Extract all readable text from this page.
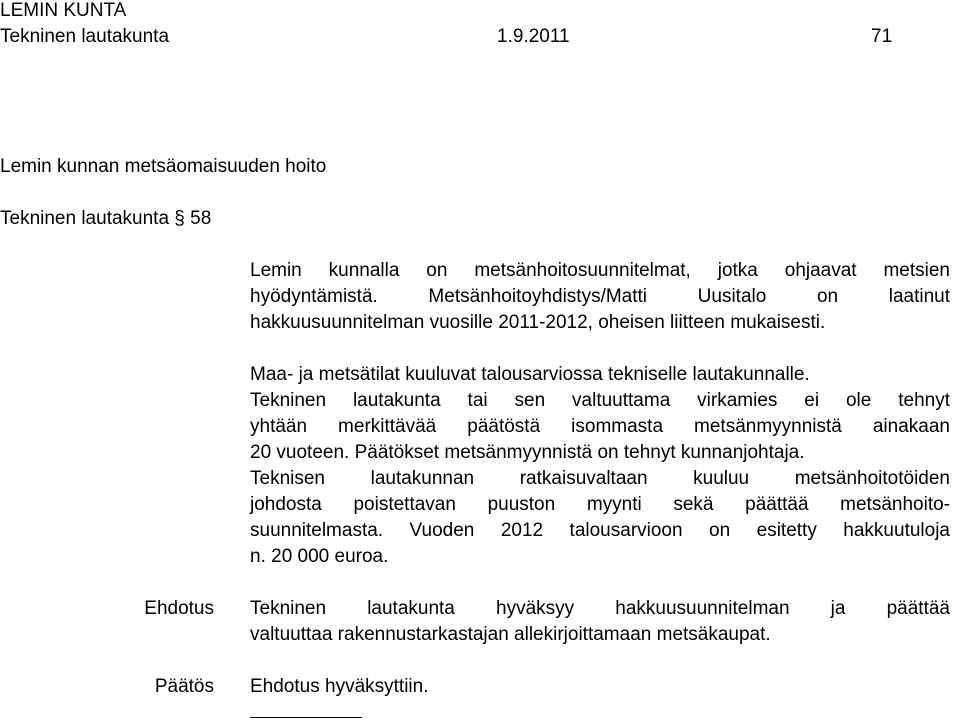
LEMIN KUNTA
Tekninen lautakunta	1.9.2011	71
Lemin kunnan metsäomaisuuden hoito
Tekninen lautakunta § 58
Lemin kunnalla on metsänhoitosuunnitelmat, jotka ohjaavat metsien
hyödyntämistä. Metsänhoitoyhdistys/Matti Uusitalo on laatinut
hakkuusuunnitelman vuosille 2011-2012, oheisen liitteen mukaisesti.
Maa- ja metsätilat kuuluvat talousarviossa tekniselle lautakunnalle.
Tekninen lautakunta tai sen valtuuttama virkamies ei ole tehnyt
yhtään merkittävää päätöstä isommasta metsänmyynnistä ainakaan
20 vuoteen. Päätökset metsänmyynnistä on tehnyt kunnanjohtaja.
Teknisen lautakunnan ratkaisuvaltaan kuuluu metsänhoitotöiden
johdosta poistettavan puuston myynti sekä päättää metsänhoito-
suunnitelmasta. Vuoden 2012 talousarvioon on esitetty hakkuutuloja
n. 20 000 euroa.
Ehdotus Tekninen lautakunta hyväksyy hakkuusuunnitelman ja päättää
valtuuttaa rakennustarkastajan allekirjoittamaan metsäkaupat.
Päätös Ehdotus hyväksyttiin.
